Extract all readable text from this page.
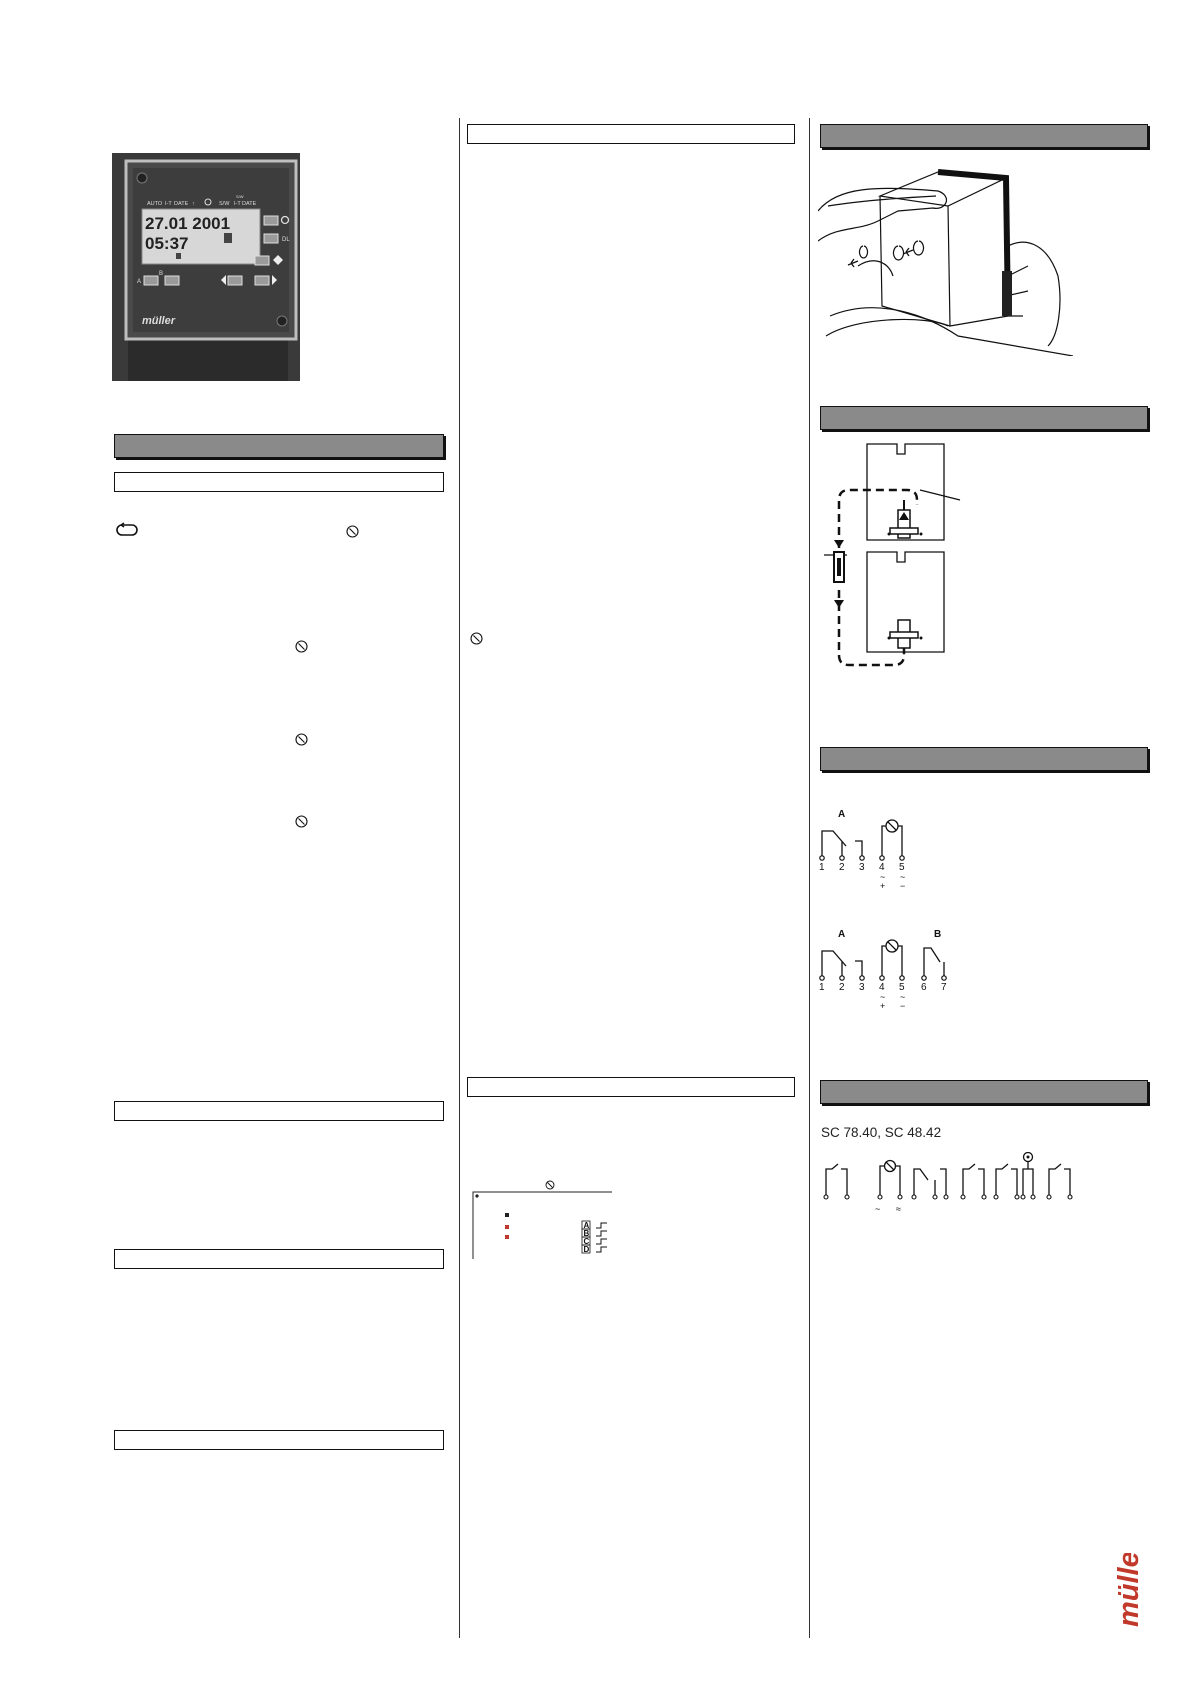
AUTO I-T DATE ↑	S/W I-T DATE
S/W
27.01 2001
05:37	DL
A
B
müller
A
B
C
D
A
1 2 3 4 5
~ ~
+ −
A	B
1 2 3 4 5 6 7
~ ~
+ −
SC 78.40, SC 48.42
~ ≈
müller
